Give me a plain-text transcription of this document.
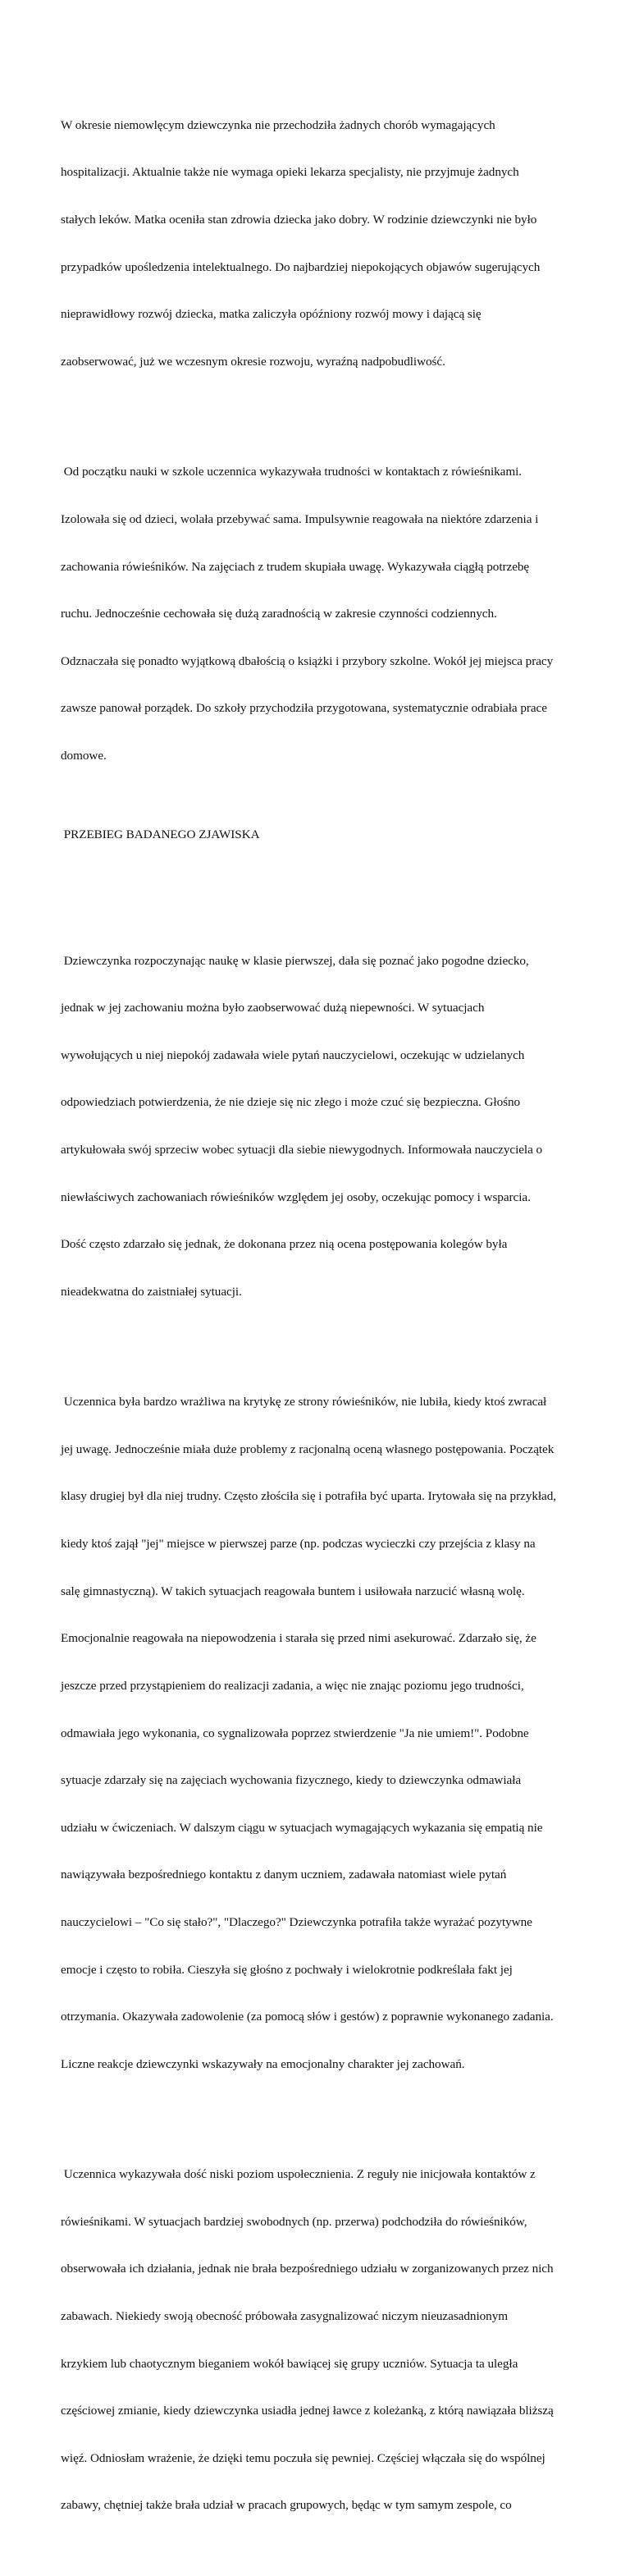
W okresie niemowlęcym dziewczynka nie przechodziła żadnych chorób wymagających

hospitalizacji. Aktualnie także nie wymaga opieki lekarza specjalisty, nie przyjmuje żadnych

stałych leków. Matka oceniła stan zdrowia dziecka jako dobry. W rodzinie dziewczynki nie było

przypadków upośledzenia intelektualnego. Do najbardziej niepokojących objawów sugerujących

nieprawidłowy rozwój dziecka, matka zaliczyła opóźniony rozwój mowy i dającą się

zaobserwować, już we wczesnym okresie rozwoju, wyraźną nadpobudliwość.

Od początku nauki w szkole uczennica wykazywała trudności w kontaktach z rówieśnikami.

Izolowała się od dzieci, wolała przebywać sama. Impulsywnie reagowała na niektóre zdarzenia i

zachowania rówieśników. Na zajęciach z trudem skupiała uwagę. Wykazywała ciągłą potrzebę

ruchu. Jednocześnie cechowała się dużą zaradnością w zakresie czynności codziennych.

Odznaczała się ponadto wyjątkową dbałością o książki i przybory szkolne. Wokół jej miejsca pracy

zawsze panował porządek. Do szkoły przychodziła przygotowana, systematycznie odrabiała prace

domowe.

PRZEBIEG BADANEGO ZJAWISKA

Dziewczynka rozpoczynając naukę w klasie pierwszej, dała się poznać jako pogodne dziecko,

jednak w jej zachowaniu można było zaobserwować dużą niepewności. W sytuacjach

wywołujących u niej niepokój zadawała wiele pytań nauczycielowi, oczekując w udzielanych

odpowiedziach potwierdzenia, że nie dzieje się nic złego i może czuć się bezpieczna. Głośno

artykułowała swój sprzeciw wobec sytuacji dla siebie niewygodnych. Informowała nauczyciela o

niewłaściwych zachowaniach rówieśników względem jej osoby, oczekując pomocy i wsparcia.

Dość często zdarzało się jednak, że dokonana przez nią ocena postępowania kolegów była

nieadekwatna do zaistniałej sytuacji.

Uczennica była bardzo wrażliwa na krytykę ze strony rówieśników, nie lubiła, kiedy ktoś zwracał

jej uwagę. Jednocześnie miała duże problemy z racjonalną oceną własnego postępowania. Początek

klasy drugiej był dla niej trudny. Często złościła się i potrafiła być uparta. Irytowała się na przykład,

kiedy ktoś zajął "jej" miejsce w pierwszej parze (np. podczas wycieczki czy przejścia z klasy na

salę gimnastyczną). W takich sytuacjach reagowała buntem i usiłowała narzucić własną wolę.

Emocjonalnie reagowała na niepowodzenia i starała się przed nimi asekurować. Zdarzało się, że

jeszcze przed przystąpieniem do realizacji zadania, a więc nie znając poziomu jego trudności,

odmawiała jego wykonania, co sygnalizowała poprzez stwierdzenie "Ja nie umiem!". Podobne

sytuacje zdarzały się na zajęciach wychowania fizycznego, kiedy to dziewczynka odmawiała

udziału w ćwiczeniach. W dalszym ciągu w sytuacjach wymagających wykazania się empatią nie

nawiązywała bezpośredniego kontaktu z danym uczniem, zadawała natomiast wiele pytań

nauczycielowi – "Co się stało?", "Dlaczego?" Dziewczynka potrafiła także wyrażać pozytywne

emocje i często to robiła. Cieszyła się głośno z pochwały i wielokrotnie podkreślała fakt jej

otrzymania. Okazywała zadowolenie (za pomocą słów i gestów) z poprawnie wykonanego zadania.

Liczne reakcje dziewczynki wskazywały na emocjonalny charakter jej zachowań.

Uczennica wykazywała dość niski poziom uspołecznienia. Z reguły nie inicjowała kontaktów z

rówieśnikami. W sytuacjach bardziej swobodnych (np. przerwa) podchodziła do rówieśników,

obserwowała ich działania, jednak nie brała bezpośredniego udziału w zorganizowanych przez nich

zabawach. Niekiedy swoją obecność próbowała zasygnalizować niczym nieuzasadnionym

krzykiem lub chaotycznym bieganiem wokół bawiącej się grupy uczniów. Sytuacja ta uległa

częściowej zmianie, kiedy dziewczynka usiadła jednej ławce z koleżanką, z którą nawiązała bliższą

więź. Odniosłam wrażenie, że dzięki temu poczuła się pewniej. Częściej włączała się do wspólnej

zabawy, chętniej także brała udział w pracach grupowych, będąc w tym samym zespole, co
